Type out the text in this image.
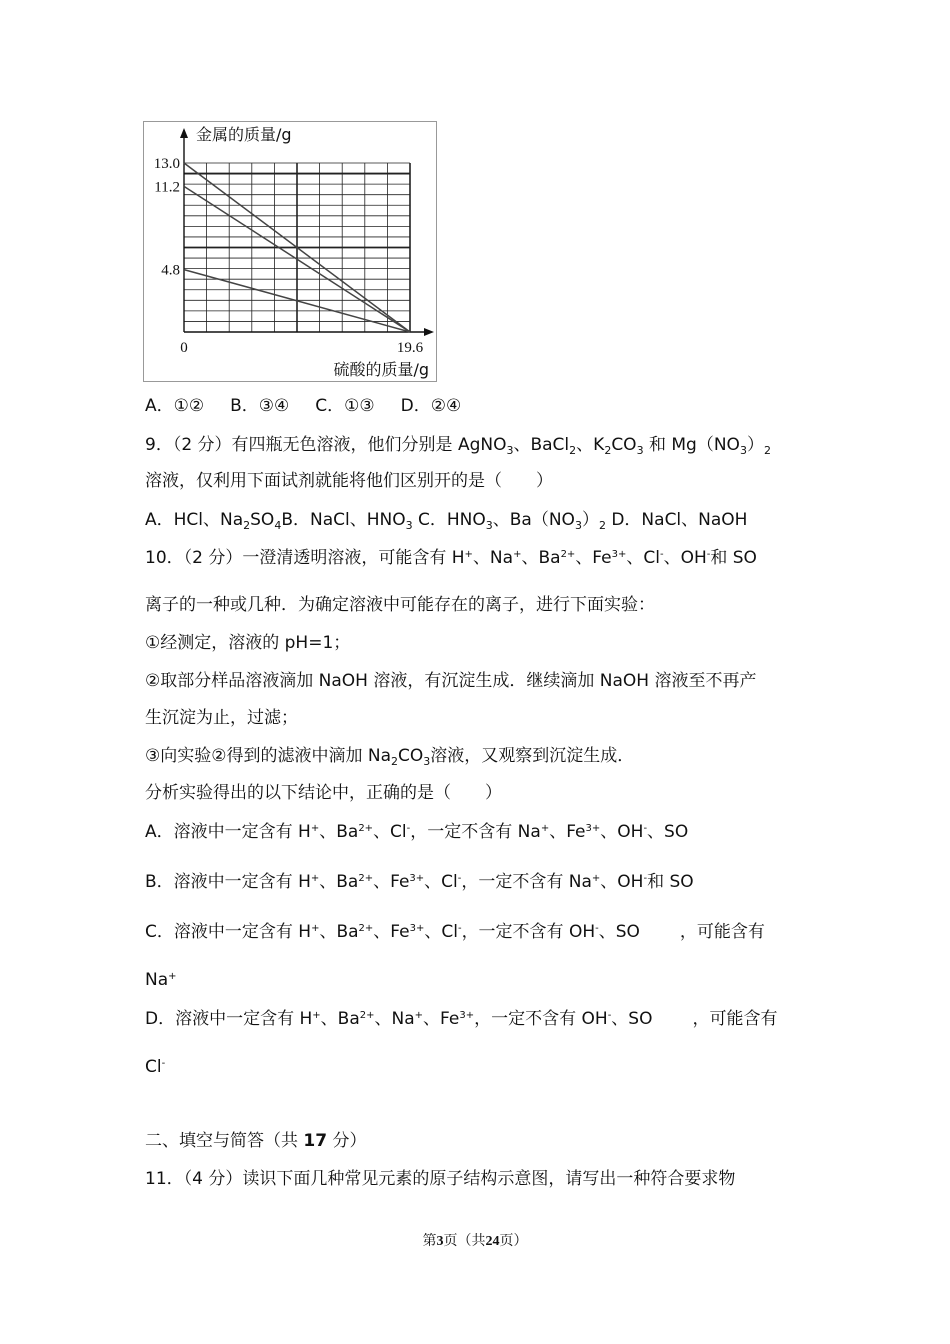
13.0
11.2
4.8
0	19.6
金属的质量/g
硫酸的质量/g
A．①② B．③④ C．①③ D．②④
9．（2 分）有四瓶无色溶液，他们分别是 AgNO$_3$、BaCl$_2$、$K_2CO_3$ 和 $Mg(NO_3)_2$
溶液，仅利用下面试剂就能将他们区别开的是（　　）
A．HCl、$Na_2SO_4B$．NaCl、$HNO_3$ C．$HNO_3$、$Ba(NO_3)_2$ D．NaCl、NaOH
10．（2 分）一澄清透明溶液，可能含有 H+、Na+、$Ba^{2+}$、$Fe^{3+}$、Cl-、OH-和 SO
离子的一种或几种．为确定溶液中可能存在的离子，进行下面实验：
①经测定，溶液的 pH=1；
②取部分样品溶液滴加 NaOH 溶液，有沉淀生成．继续滴加 NaOH 溶液至不再产
生沉淀为止，过滤；
③向实验②得到的滤液中滴加 $Na_2CO_3$溶液，又观察到沉淀生成．
分析实验得出的以下结论中，正确的是（　　）
A．溶液中一定含有 H+、$Ba^{2+}$、Cl-，一定不含有 Na+、$Fe^{3+}$、OH-、SO
B．溶液中一定含有 H+、$Ba^{2+}$、$Fe^{3+}$、Cl-，一定不含有 Na+、OH-和 SO
C．溶液中一定含有 H+、$Ba^{2+}$、$Fe^{3+}$、Cl-，一定不含有 OH-、SO ，可能含有
Na+
D．溶液中一定含有 H+、$Ba^{2+}$、Na+、$Fe^{3+}$，一定不含有 OH-、SO ，可能含有
Cl-
二、填空与简答（共 17 分）
11．（4 分）读识下面几种常见元素的原子结构示意图，请写出一种符合要求物
第3页（共24页）
